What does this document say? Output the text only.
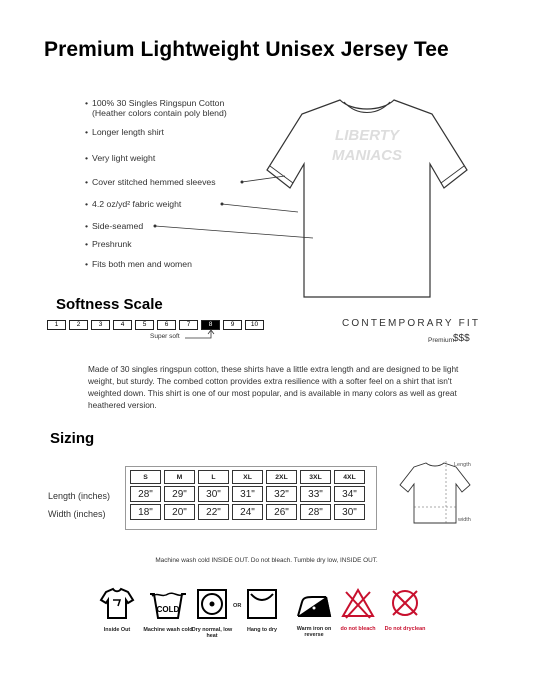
Premium Lightweight Unisex Jersey Tee
• 100% 30 Singles Ringspun Cotton
(Heather colors contain poly blend)
• Longer length shirt
• Very light weight
• Cover stitched hemmed sleeves
• 4.2 oz/yd² fabric weight
• Side-seamed
• Preshrunk
• Fits both men and women
LIBERTY
MANIACS
Softness Scale
1	2	3	4	5	6	7	8	9	10
Super soft
CONTEMPORARY FIT
Premium
$$$
Made of 30 singles ringspun cotton, these shirts have a little extra length and are designed to be light weight, but sturdy. The combed cotton provides extra resilience with a softer feel on a shirt that isn't weighted down. This shirt is one of our most popular, and is available in many colors as well as great heathered version.
Sizing
S	M	L	XL	2XL	3XL	4XL
28"	29"	30"	31"	32"	33"	34"
18"	20"	22"	24"	26"	28"	30"
Length (inches)
Width (inches)
Length
width
Machine wash cold INSIDE OUT. Do not bleach. Tumble dry low, INSIDE OUT.
COLD	OR
Inside Out	Machine wash cold Dry normal, low heat
Hang to dry	Warm iron on reverse
do not bleach	Do not dryclean
